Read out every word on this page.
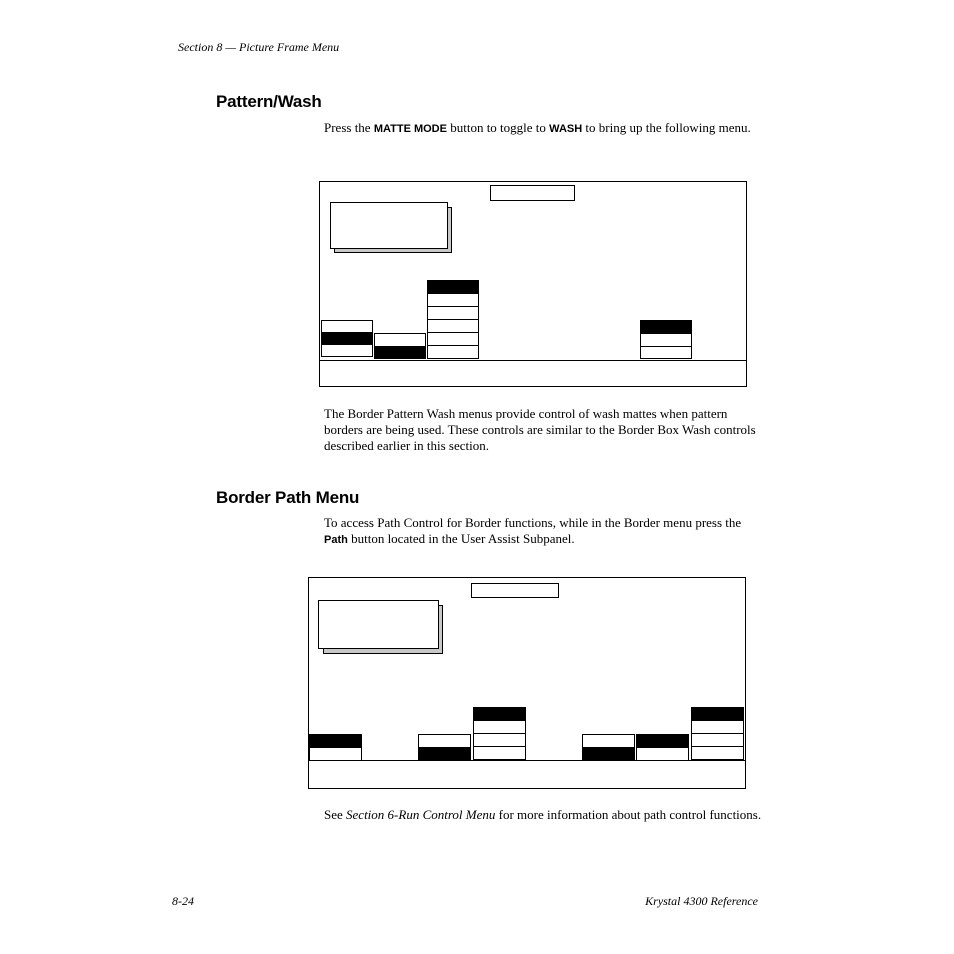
Section 8 — Picture Frame Menu
Pattern/Wash
Press the MATTE MODE button to toggle to WASH to bring up the following menu.
The Border Pattern Wash menus provide control of wash mattes when pattern borders are being used. These controls are similar to the Border Box Wash controls described earlier in this section.
Border Path Menu
To access Path Control for Border functions, while in the Border menu press the Path button located in the User Assist Subpanel.
See Section 6-Run Control Menu for more information about path control functions.
8-24	Krystal 4300 Reference
